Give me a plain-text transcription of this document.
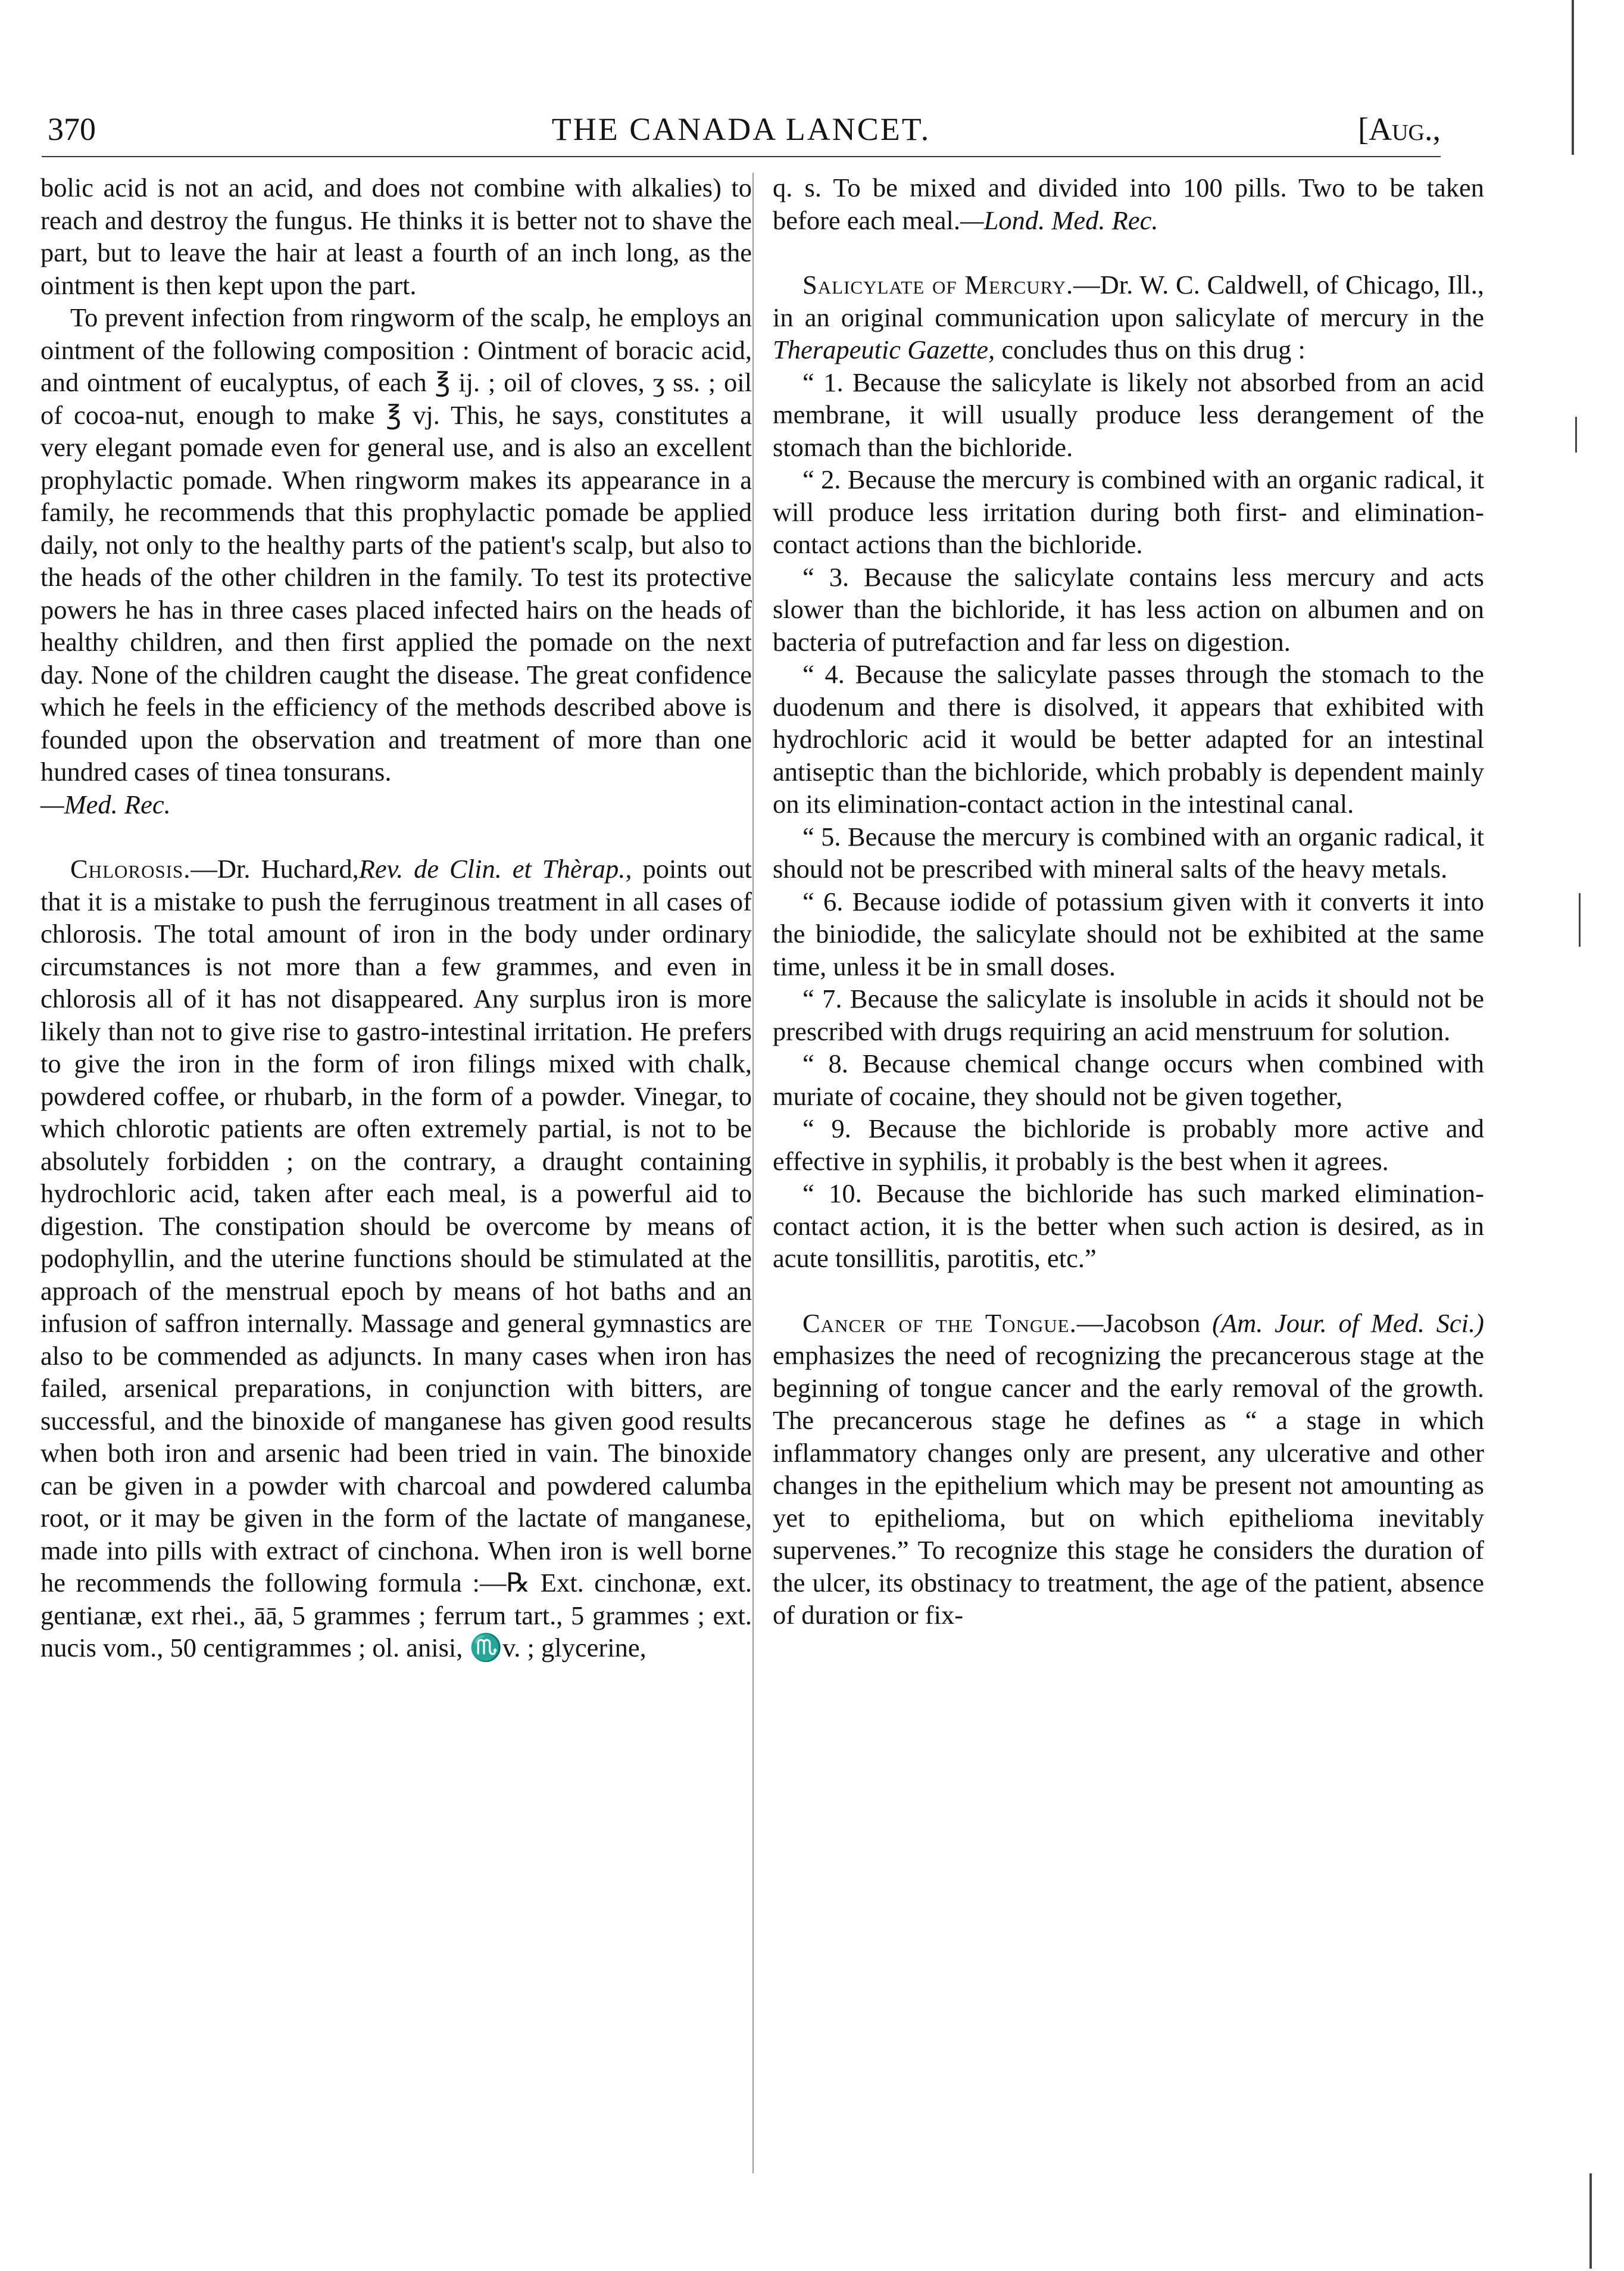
370	THE CANADA LANCET.	[Aug.,

bolic acid is not an acid, and does not combine with alkalies) to reach and destroy the fungus. He thinks it is better not to shave the part, but to leave the hair at least a fourth of an inch long, as the ointment is then kept upon the part.

To prevent infection from ringworm of the scalp, he employs an ointment of the following composition : Ointment of boracic acid, and ointment of eucalyptus, of each ℥ ij. ; oil of cloves, ʒ ss. ; oil of cocoa-nut, enough to make ℥ vj. This, he says, constitutes a very elegant pomade even for general use, and is also an excellent prophylactic pomade. When ringworm makes its appearance in a family, he recommends that this prophylactic pomade be applied daily, not only to the healthy parts of the patient's scalp, but also to the heads of the other children in the family. To test its protective powers he has in three cases placed infected hairs on the heads of healthy children, and then first applied the pomade on the next day. None of the children caught the disease. The great confidence which he feels in the efficiency of the methods described above is founded upon the observation and treatment of more than one hundred cases of tinea tonsurans.

—Med. Rec.

Chlorosis.—Dr. Huchard,Rev. de Clin. et Thèrap., points out that it is a mistake to push the ferruginous treatment in all cases of chlorosis. The total amount of iron in the body under ordinary circumstances is not more than a few grammes, and even in chlorosis all of it has not disappeared. Any surplus iron is more likely than not to give rise to gastro-intestinal irritation. He prefers to give the iron in the form of iron filings mixed with chalk, powdered coffee, or rhubarb, in the form of a powder. Vinegar, to which chlorotic patients are often extremely partial, is not to be absolutely forbidden ; on the contrary, a draught containing hydrochloric acid, taken after each meal, is a powerful aid to digestion. The constipation should be overcome by means of podophyllin, and the uterine functions should be stimulated at the approach of the menstrual epoch by means of hot baths and an infusion of saffron internally. Massage and general gymnastics are also to be commended as adjuncts. In many cases when iron has failed, arsenical preparations, in conjunction with bitters, are successful, and the binoxide of manganese has given good results when both iron and arsenic had been tried in vain. The binoxide can be given in a powder with charcoal and powdered calumba root, or it may be given in the form of the lactate of manganese, made into pills with extract of cinchona. When iron is well borne he recommends the following formula :—℞ Ext. cinchonæ, ext. gentianæ, ext rhei., āā, 5 grammes ; ferrum tart., 5 grammes ; ext. nucis vom., 50 centigrammes ; ol. anisi, ♏v. ; glycerine,

q. s. To be mixed and divided into 100 pills. Two to be taken before each meal.—Lond. Med. Rec.

Salicylate of Mercury.—Dr. W. C. Caldwell, of Chicago, Ill., in an original communication upon salicylate of mercury in the Therapeutic Gazette, concludes thus on this drug :

“ 1. Because the salicylate is likely not absorbed from an acid membrane, it will usually produce less derangement of the stomach than the bichloride.

“ 2. Because the mercury is combined with an organic radical, it will produce less irritation during both first- and elimination-contact actions than the bichloride.

“ 3. Because the salicylate contains less mercury and acts slower than the bichloride, it has less action on albumen and on bacteria of putrefaction and far less on digestion.

“ 4. Because the salicylate passes through the stomach to the duodenum and there is disolved, it appears that exhibited with hydrochloric acid it would be better adapted for an intestinal antiseptic than the bichloride, which probably is dependent mainly on its elimination-contact action in the intestinal canal.

“ 5. Because the mercury is combined with an organic radical, it should not be prescribed with mineral salts of the heavy metals.

“ 6. Because iodide of potassium given with it converts it into the biniodide, the salicylate should not be exhibited at the same time, unless it be in small doses.

“ 7. Because the salicylate is insoluble in acids it should not be prescribed with drugs requiring an acid menstruum for solution.

“ 8. Because chemical change occurs when combined with muriate of cocaine, they should not be given together,

“ 9. Because the bichloride is probably more active and effective in syphilis, it probably is the best when it agrees.

“ 10. Because the bichloride has such marked elimination-contact action, it is the better when such action is desired, as in acute tonsillitis, parotitis, etc.”

Cancer of the Tongue.—Jacobson (Am. Jour. of Med. Sci.) emphasizes the need of recognizing the precancerous stage at the beginning of tongue cancer and the early removal of the growth. The precancerous stage he defines as “ a stage in which inflammatory changes only are present, any ulcerative and other changes in the epithelium which may be present not amounting as yet to epithelioma, but on which epithelioma inevitably supervenes.” To recognize this stage he considers the duration of the ulcer, its obstinacy to treatment, the age of the patient, absence of duration or fix-
